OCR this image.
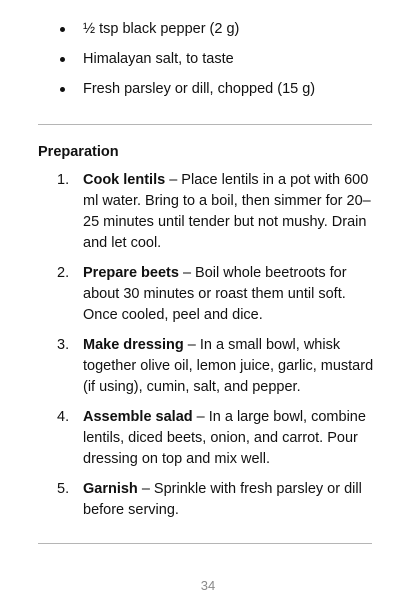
½ tsp black pepper (2 g)
Himalayan salt, to taste
Fresh parsley or dill, chopped (15 g)
Preparation
1. Cook lentils – Place lentils in a pot with 600 ml water. Bring to a boil, then simmer for 20–25 minutes until tender but not mushy. Drain and let cool.
2. Prepare beets – Boil whole beetroots for about 30 minutes or roast them until soft. Once cooled, peel and dice.
3. Make dressing – In a small bowl, whisk together olive oil, lemon juice, garlic, mustard (if using), cumin, salt, and pepper.
4. Assemble salad – In a large bowl, combine lentils, diced beets, onion, and carrot. Pour dressing on top and mix well.
5. Garnish – Sprinkle with fresh parsley or dill before serving.
34
